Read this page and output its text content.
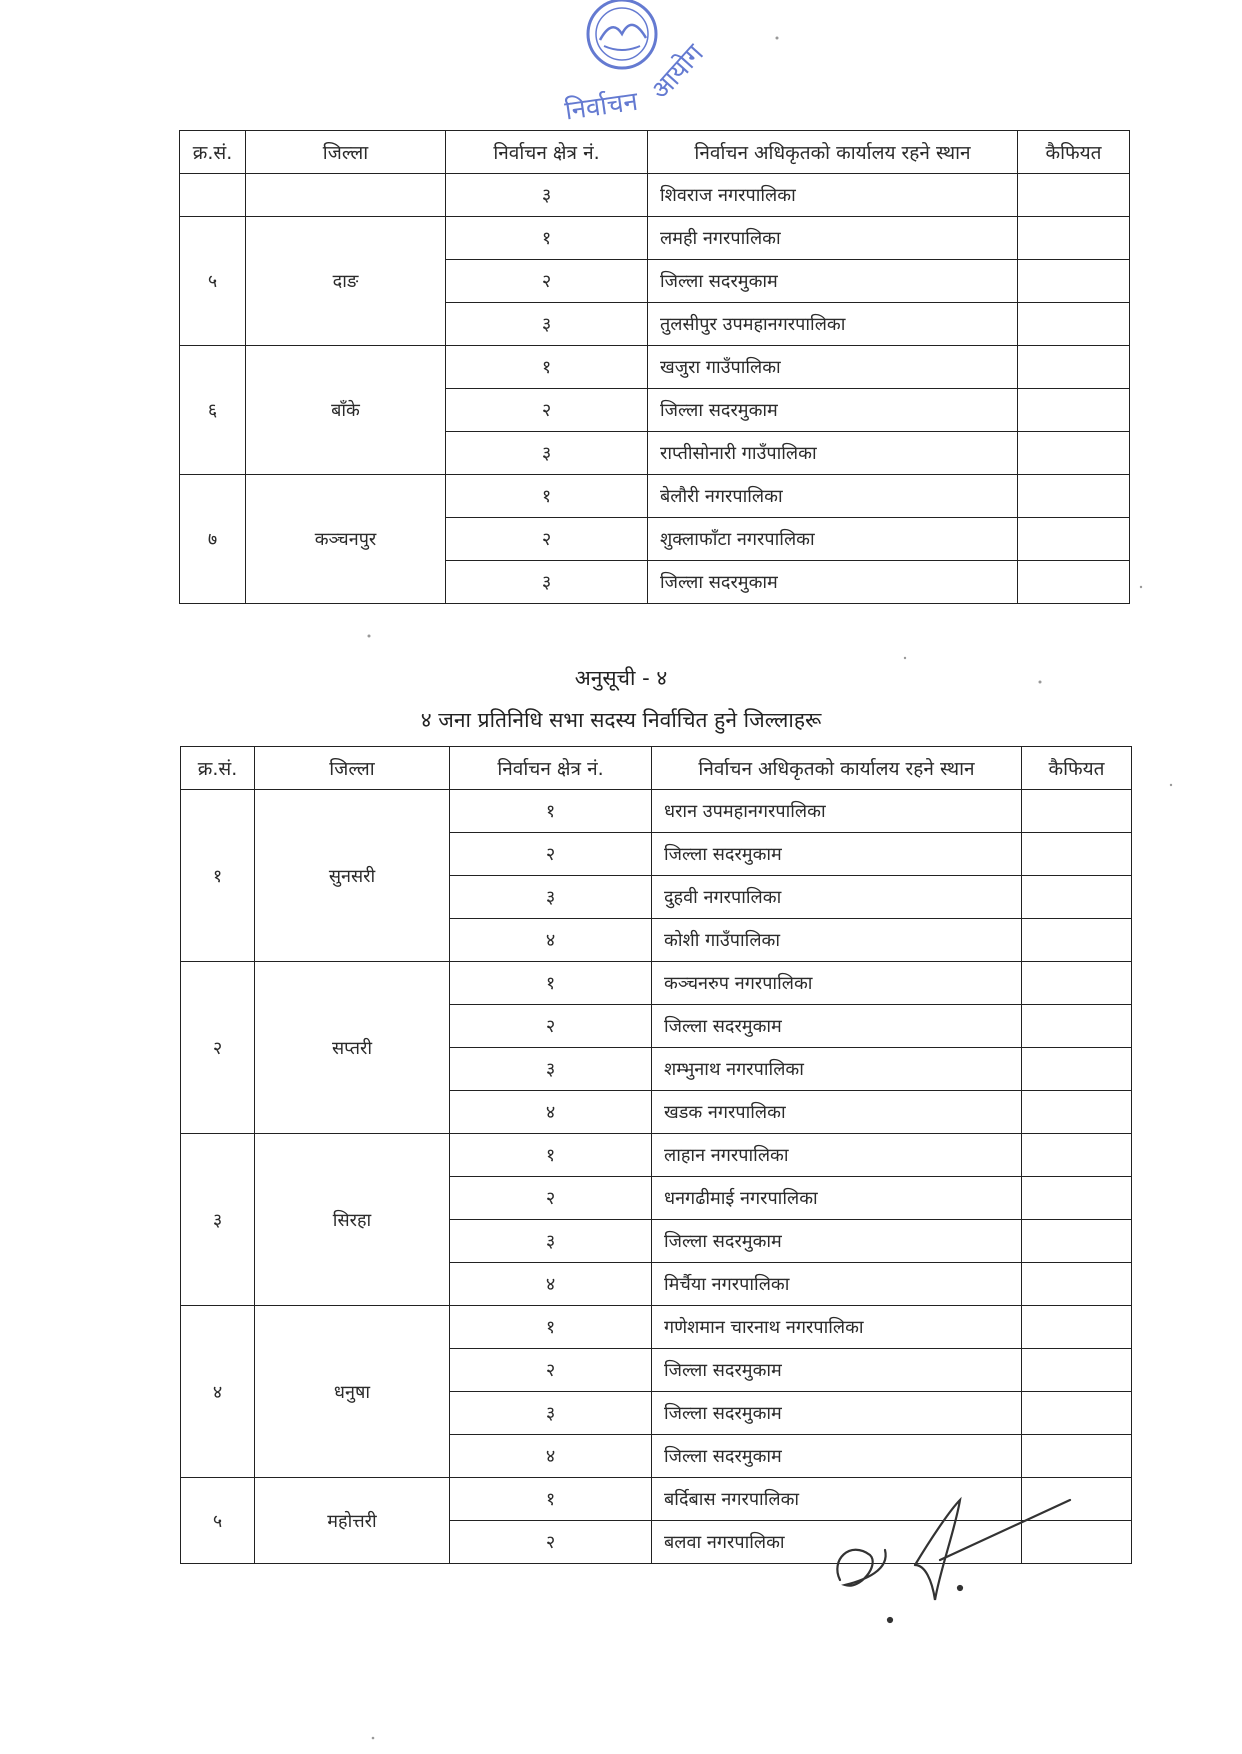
निर्वाचन
आयोग
क्र.सं.	जिल्ला	निर्वाचन क्षेत्र नं.	निर्वाचन अधिकृतको कार्यालय रहने स्थान	कैफियत
		३	शिवराज नगरपालिका	
५	दाङ	१	लमही नगरपालिका	
		२	जिल्ला सदरमुकाम	
		३	तुलसीपुर उपमहानगरपालिका	
६	बाँके	१	खजुरा गाउँपालिका	
		२	जिल्ला सदरमुकाम	
		३	राप्तीसोनारी गाउँपालिका	
७	कञ्चनपुर	१	बेलौरी नगरपालिका	
		२	शुक्लाफाँटा नगरपालिका	
		३	जिल्ला सदरमुकाम	
अनुसूची - ४
४ जना प्रतिनिधि सभा सदस्य निर्वाचित हुने जिल्लाहरू
क्र.सं.	जिल्ला	निर्वाचन क्षेत्र नं.	निर्वाचन अधिकृतको कार्यालय रहने स्थान	कैफियत
१	सुनसरी	१	धरान उपमहानगरपालिका	
		२	जिल्ला सदरमुकाम	
		३	दुहवी नगरपालिका	
		४	कोशी गाउँपालिका	
२	सप्तरी	१	कञ्चनरुप नगरपालिका	
		२	जिल्ला सदरमुकाम	
		३	शम्भुनाथ नगरपालिका	
		४	खडक नगरपालिका	
३	सिरहा	१	लाहान नगरपालिका	
		२	धनगढीमाई नगरपालिका	
		३	जिल्ला सदरमुकाम	
		४	मिर्चैया नगरपालिका	
४	धनुषा	१	गणेशमान चारनाथ नगरपालिका	
		२	जिल्ला सदरमुकाम	
		३	जिल्ला सदरमुकाम	
		४	जिल्ला सदरमुकाम	
५	महोत्तरी	१	बर्दिबास नगरपालिका	
		२	बलवा नगरपालिका	
